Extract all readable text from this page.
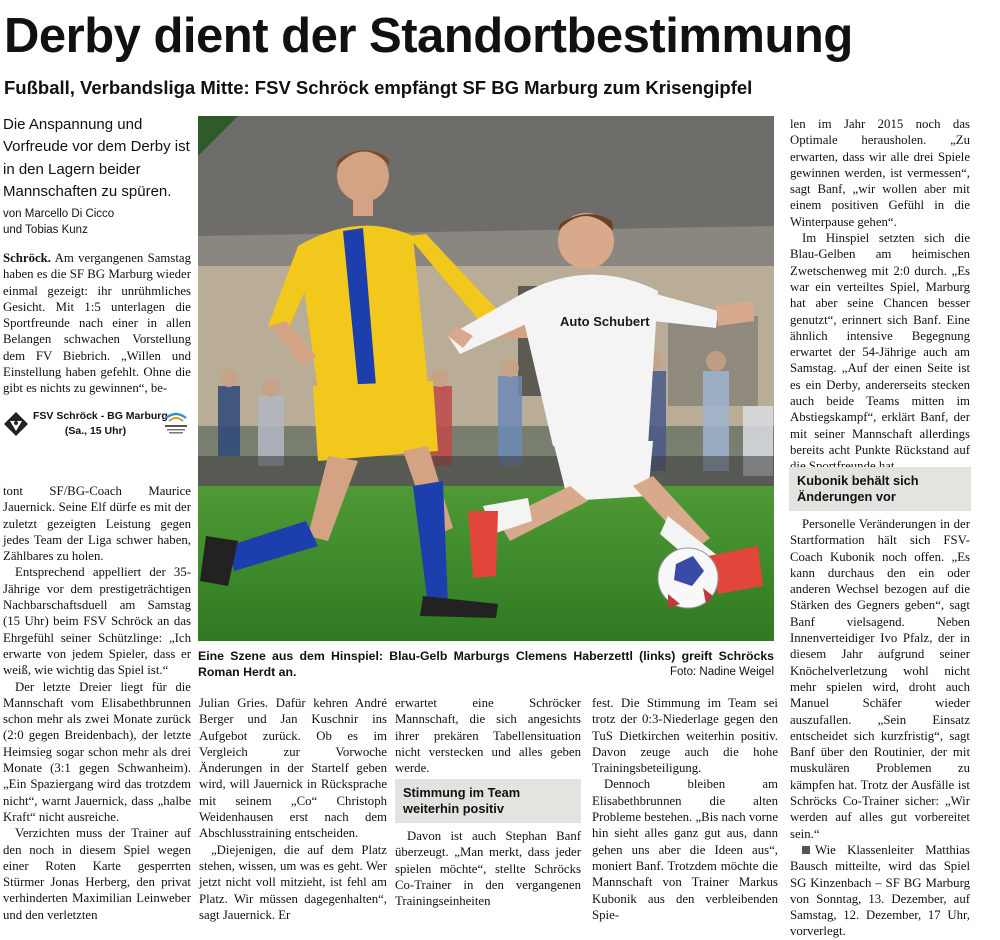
Derby dient der Standortbestimmung
Fußball, Verbandsliga Mitte: FSV Schröck empfängt SF BG Marburg zum Krisengipfel
Die Anspannung und Vorfreude vor dem Derby ist in den Lagern beider Mannschaften zu spüren.
von Marcello Di Cicco
und Tobias Kunz

Schröck. Am vergangenen Samstag haben es die SF BG Marburg wieder einmal gezeigt: ihr unrühmliches Gesicht. Mit 1:5 unterlagen die Sportfreunde nach einer in allen Belangen schwachen Vorstellung dem FV Biebrich. „Willen und Einstellung haben gefehlt. Ohne die gibt es nichts zu gewinnen“, be-

FSV Schröck - BG Marburg
(Sa., 15 Uhr)

tont SF/BG-Coach Maurice Jauernick. Seine Elf dürfe es mit der zuletzt gezeigten Leistung gegen jedes Team der Liga schwer haben, Zählbares zu holen.

Entsprechend appelliert der 35-Jährige vor dem prestigeträchtigen Nachbarschaftsduell am Samstag (15 Uhr) beim FSV Schröck an das Ehrgefühl seiner Schützlinge: „Ich erwarte von jedem Spieler, dass er weiß, wie wichtig das Spiel ist.“

Der letzte Dreier liegt für die Mannschaft vom Elisabethbrunnen schon mehr als zwei Monate zurück (2:0 gegen Breidenbach), der letzte Heimsieg sogar schon mehr als drei Monate (3:1 gegen Schwanheim). „Ein Spaziergang wird das trotzdem nicht“, warnt Jauernick, dass „halbe Kraft“ nicht ausreiche.

Verzichten muss der Trainer auf den noch in diesem Spiel wegen einer Roten Karte gesperrten Stürmer Jonas Herberg, den privat verhinderten Maximilian Leinweber und den verletzten

Auto Schubert
Eine Szene aus dem Hinspiel: Blau-Gelb Marburgs Clemens Haberzettl (links) greift Schröcks Roman Herdt an.	Foto: Nadine Weigel

Julian Gries. Dafür kehren André Berger und Jan Kuschnir ins Aufgebot zurück. Ob es im Vergleich zur Vorwoche Änderungen in der Startelf geben wird, will Jauernick in Rücksprache mit seinem „Co“ Christoph Weidenhausen erst nach dem Abschlusstraining entscheiden.

„Diejenigen, die auf dem Platz stehen, wissen, um was es geht. Wer jetzt nicht voll mitzieht, ist fehl am Platz. Wir müssen dagegenhalten“, sagt Jauernick. Er

erwartet eine Schröcker Mannschaft, die sich angesichts ihrer prekären Tabellensituation nicht verstecken und alles geben werde.

Stimmung im Team weiterhin positiv

Davon ist auch Stephan Banf überzeugt. „Man merkt, dass jeder spielen möchte“, stellte Schröcks Co-Trainer in den vergangenen Trainingseinheiten

fest. Die Stimmung im Team sei trotz der 0:3-Niederlage gegen den TuS Dietkirchen weiterhin positiv. Davon zeuge auch die hohe Trainingsbeteiligung.

Dennoch bleiben am Elisabethbrunnen die alten Probleme bestehen. „Bis nach vorne hin sieht alles ganz gut aus, dann gehen uns aber die Ideen aus“, moniert Banf. Trotzdem möchte die Mannschaft von Trainer Markus Kubonik aus den verbleibenden Spie-

len im Jahr 2015 noch das Optimale herausholen. „Zu erwarten, dass wir alle drei Spiele gewinnen werden, ist vermessen“, sagt Banf, „wir wollen aber mit einem positiven Gefühl in die Winterpause gehen“.

Im Hinspiel setzten sich die Blau-Gelben am heimischen Zwetschenweg mit 2:0 durch. „Es war ein verteiltes Spiel, Marburg hat aber seine Chancen besser genutzt“, erinnert sich Banf. Eine ähnlich intensive Begegnung erwartet der 54-Jährige auch am Samstag. „Auf der einen Seite ist es ein Derby, andererseits stecken auch beide Teams mitten im Abstiegskampf“, erklärt Banf, der mit seiner Mannschaft allerdings bereits acht Punkte Rückstand auf

Kubonik behält sich Änderungen vor

Personelle Veränderungen in der Startformation hält sich FSV-Coach Kubonik noch offen. „Es kann durchaus den ein oder anderen Wechsel bezogen auf die Stärken des Gegners geben“, sagt Banf vielsagend. Neben Innenverteidiger Ivo Pfalz, der in diesem Jahr aufgrund seiner Knöchelverletzung wohl nicht mehr spielen wird, droht auch Manuel Schäfer wieder auszufallen. „Sein Einsatz entscheidet sich kurzfristig“, sagt Banf über den Routinier, der mit muskulären Problemen zu kämpfen hat. Trotz der Ausfälle ist Schröcks Co-Trainer sicher: „Wir werden auf alles gut vorbereitet sein.“

Wie Klassenleiter Matthias Bausch mitteilte, wird das Spiel SG Kinzenbach – SF BG Marburg von Sonntag, 13. Dezember, auf Samstag, 12. Dezember, 17 Uhr, vorverlegt.
